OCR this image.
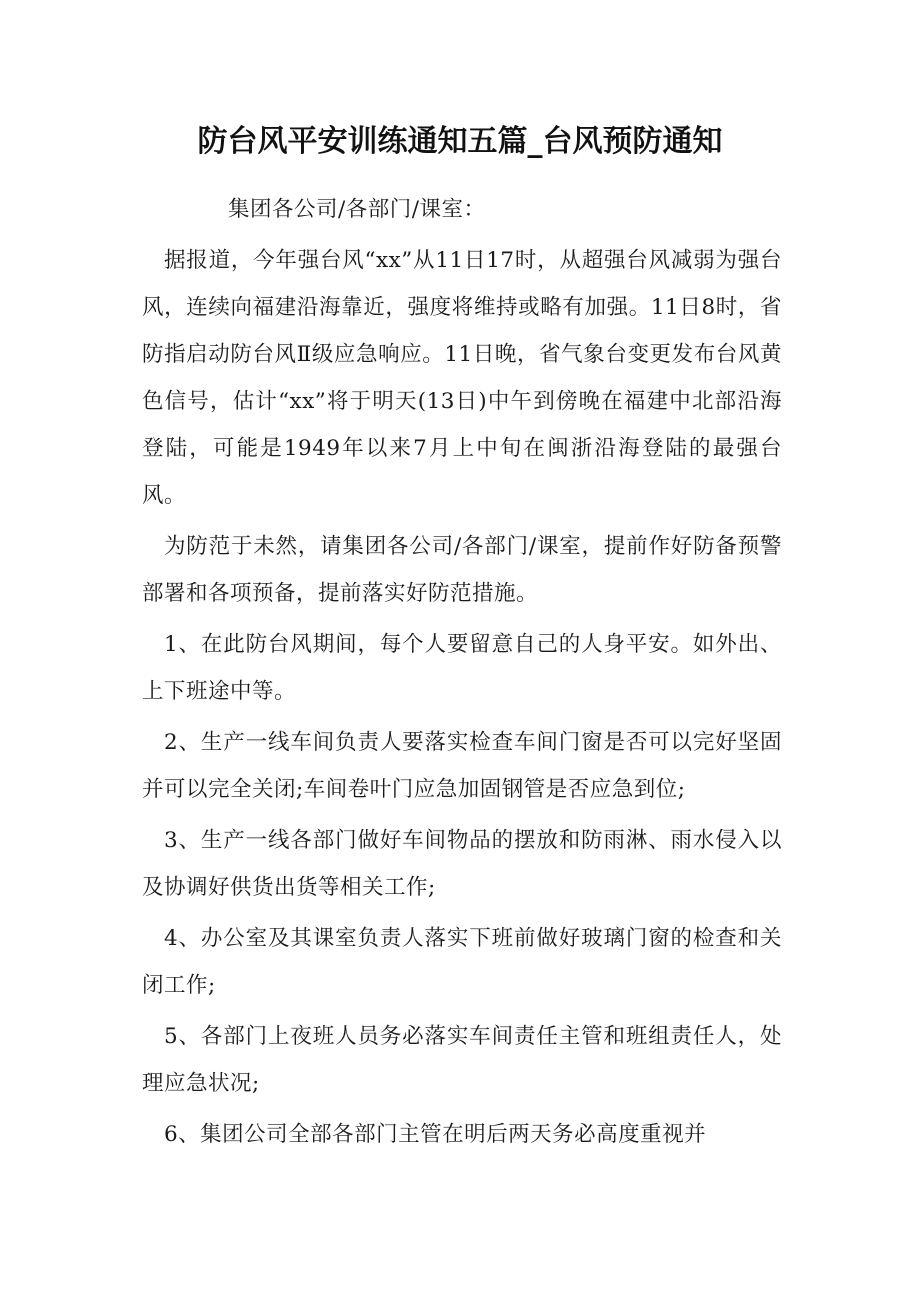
防台风平安训练通知五篇_台风预防通知

集团各公司/各部门/课室：

据报道，今年强台风“xx”从11日17时，从超强台风减弱为强台风，连续向福建沿海靠近，强度将维持或略有加强。11日8时，省防指启动防台风Ⅱ级应急响应。11日晚，省气象台变更发布台风黄色信号，估计“xx”将于明天(13日)中午到傍晚在福建中北部沿海登陆，可能是1949年以来7月上中旬在闽浙沿海登陆的最强台风。

为防范于未然，请集团各公司/各部门/课室，提前作好防备预警部署和各项预备，提前落实好防范措施。

1、在此防台风期间，每个人要留意自己的人身平安。如外出、上下班途中等。

2、生产一线车间负责人要落实检查车间门窗是否可以完好坚固并可以完全关闭;车间卷叶门应急加固钢管是否应急到位;

3、生产一线各部门做好车间物品的摆放和防雨淋、雨水侵入以及协调好供货出货等相关工作;

4、办公室及其课室负责人落实下班前做好玻璃门窗的检查和关闭工作;

5、各部门上夜班人员务必落实车间责任主管和班组责任人，处理应急状况;

6、集团公司全部各部门主管在明后两天务必高度重视并
